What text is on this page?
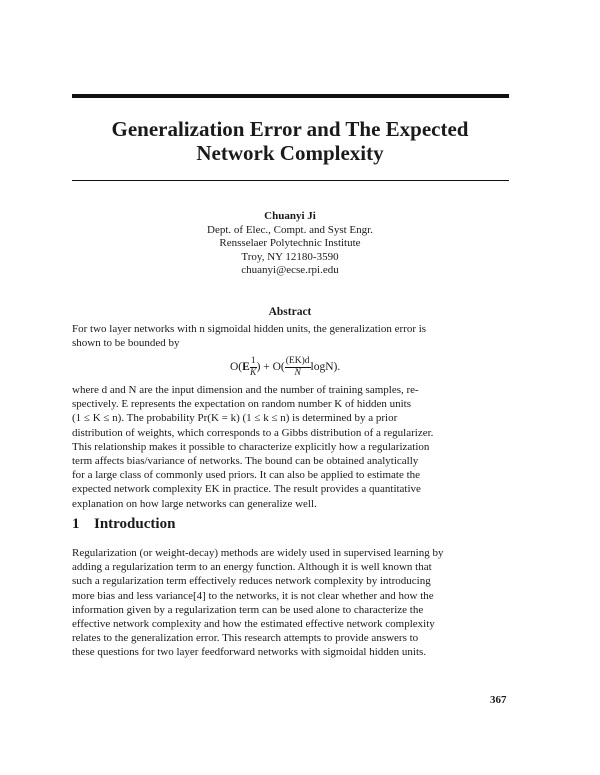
Generalization Error and The Expected
Network Complexity
Chuanyi Ji
Dept. of Elec., Compt. and Syst Engr.
Rensselaer Polytechnic Institute
Troy, NY 12180-3590
chuanyi@ecse.rpi.edu
Abstract
For two layer networks with n sigmoidal hidden units, the generalization error is
shown to be bounded by
$O(E \frac{1}{K}$ ) + $O( \frac{(EK)d}{N} \log N)$.
where d and N are the input dimension and the number of training samples, re-
spectively. E represents the expectation on random number K of hidden units
(1 ≤ K ≤ n). The probability Pr(K = k) (1 ≤ k ≤ n) is determined by a prior
distribution of weights, which corresponds to a Gibbs distribution of a regularizer.
This relationship makes it possible to characterize explicitly how a regularization
term affects bias/variance of networks. The bound can be obtained analytically
for a large class of commonly used priors. It can also be applied to estimate the
expected network complexity EK in practice. The result provides a quantitative
explanation on how large networks can generalize well.
1 Introduction
Regularization (or weight-decay) methods are widely used in supervised learning by
adding a regularization term to an energy function. Although it is well known that
such a regularization term effectively reduces network complexity by introducing
more bias and less variance[4] to the networks, it is not clear whether and how the
information given by a regularization term can be used alone to characterize the
effective network complexity and how the estimated effective network complexity
relates to the generalization error. This research attempts to provide answers to
these questions for two layer feedforward networks with sigmoidal hidden units.
367
